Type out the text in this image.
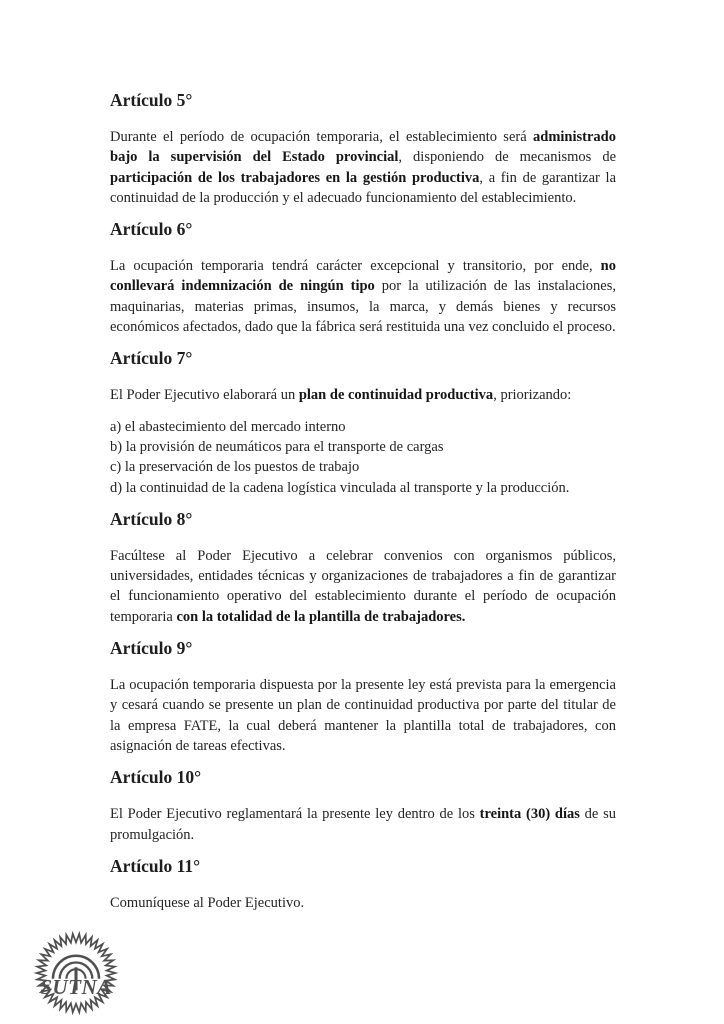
Artículo 5°

Durante el período de ocupación temporaria, el establecimiento será administrado bajo la supervisión del Estado provincial, disponiendo de mecanismos de participación de los trabajadores en la gestión productiva, a fin de garantizar la continuidad de la producción y el adecuado funcionamiento del establecimiento.

Artículo 6°

La ocupación temporaria tendrá carácter excepcional y transitorio, por ende, no conllevará indemnización de ningún tipo por la utilización de las instalaciones, maquinarias, materias primas, insumos, la marca, y demás bienes y recursos económicos afectados, dado que la fábrica será restituida una vez concluido el proceso.

Artículo 7°

El Poder Ejecutivo elaborará un plan de continuidad productiva, priorizando:

a) el abastecimiento del mercado interno
b) la provisión de neumáticos para el transporte de cargas
c) la preservación de los puestos de trabajo
d) la continuidad de la cadena logística vinculada al transporte y la producción.
Artículo 8°

Facúltese al Poder Ejecutivo a celebrar convenios con organismos públicos, universidades, entidades técnicas y organizaciones de trabajadores a fin de garantizar el funcionamiento operativo del establecimiento durante el período de ocupación temporaria con la totalidad de la plantilla de trabajadores.

Artículo 9°

La ocupación temporaria dispuesta por la presente ley está prevista para la emergencia y cesará cuando se presente un plan de continuidad productiva por parte del titular de la empresa FATE, la cual deberá mantener la plantilla total de trabajadores, con asignación de tareas efectivas.

Artículo 10°

El Poder Ejecutivo reglamentará la presente ley dentro de los treinta (30) días de su promulgación.

Artículo 11°

Comuníquese al Poder Ejecutivo.

SUTNA
